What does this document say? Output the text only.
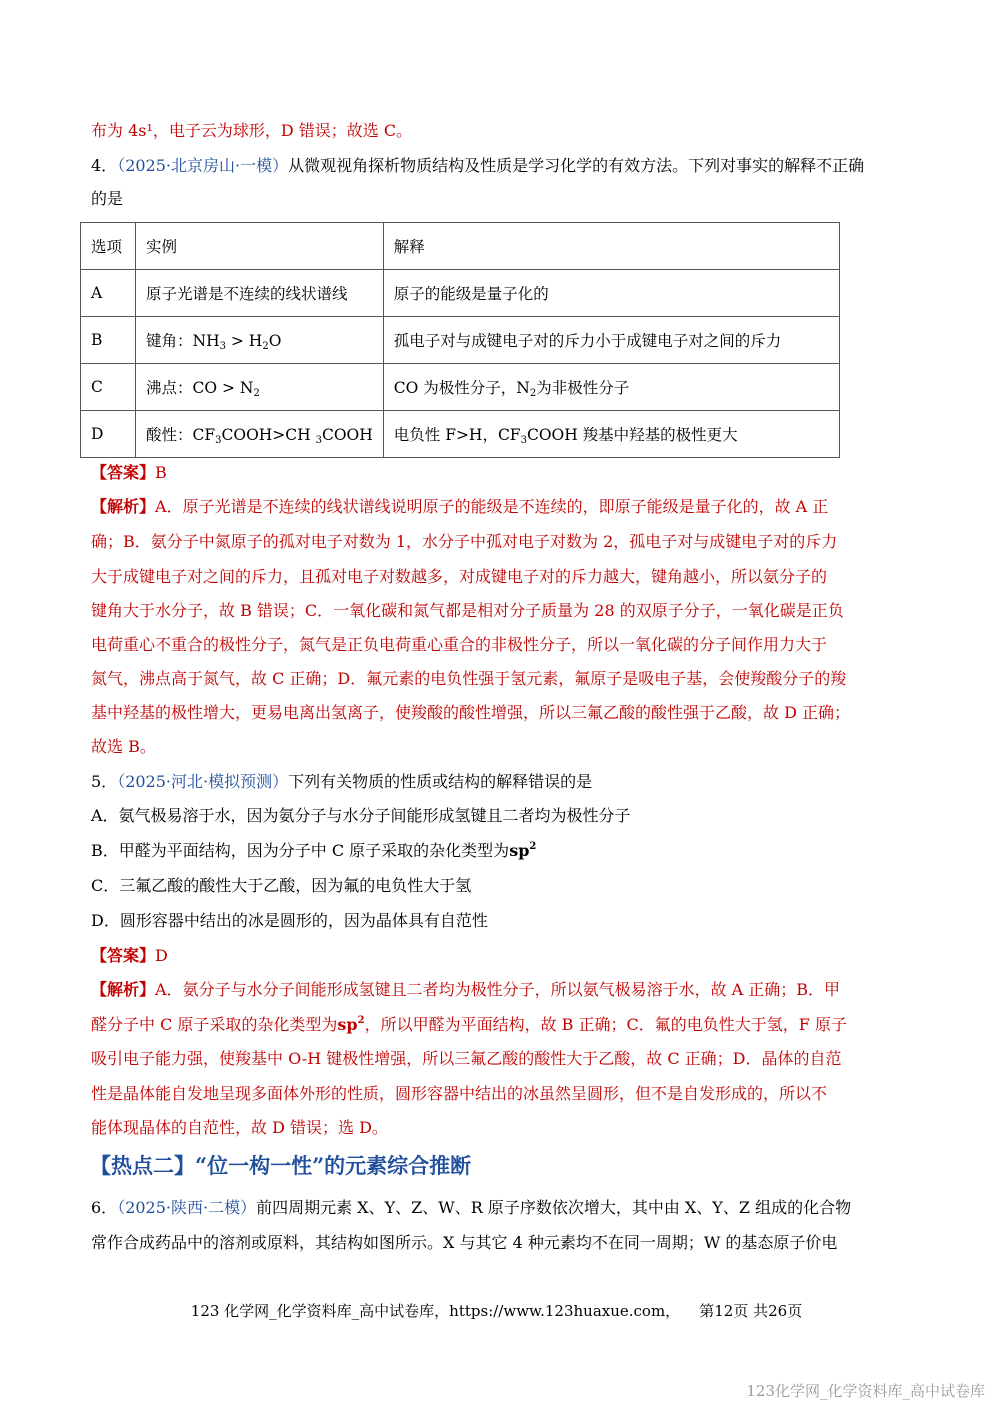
布为 4s¹，电子云为球形，D 错误；故选 C。
4．（2025·北京房山·一模）从微观视角探析物质结构及性质是学习化学的有效方法。下列对事实的解释不正确
的是
选项	实例	解释
A	原子光谱是不连续的线状谱线	原子的能级是量子化的
B	键角：$NH_3 > H_2O$	孤电子对与成键电子对的斥力小于成键电子对之间的斥力
C	沸点：CO > $N_2$	CO 为极性分子，$N_2$为非极性分子
D	酸性：$CF_3COOH>CH$ $_3$COOH	电负性 F>H，$CF_3COOH$ 羧基中羟基的极性更大
【答案】B
【解析】A．原子光谱是不连续的线状谱线说明原子的能级是不连续的，即原子能级是量子化的，故 A 正
确；B．氨分子中氮原子的孤对电子对数为 1，水分子中孤对电子对数为 2，孤电子对与成键电子对的斥力
大于成键电子对之间的斥力，且孤对电子对数越多，对成键电子对的斥力越大，键角越小，所以氨分子的
键角大于水分子，故 B 错误；C．一氧化碳和氮气都是相对分子质量为 28 的双原子分子，一氧化碳是正负
电荷重心不重合的极性分子，氮气是正负电荷重心重合的非极性分子，所以一氧化碳的分子间作用力大于
氮气，沸点高于氮气，故 C 正确；D．氟元素的电负性强于氢元素，氟原子是吸电子基，会使羧酸分子的羧
基中羟基的极性增大，更易电离出氢离子，使羧酸的酸性增强，所以三氟乙酸的酸性强于乙酸，故 D 正确；
故选 B。
5．（2025·河北·模拟预测）下列有关物质的性质或结构的解释错误的是
A．氨气极易溶于水，因为氨分子与水分子间能形成氢键且二者均为极性分子
B．甲醛为平面结构，因为分子中 C 原子采取的杂化类型为$sp^2$
C．三氟乙酸的酸性大于乙酸，因为氟的电负性大于氢
D．圆形容器中结出的冰是圆形的，因为晶体具有自范性
【答案】D
【解析】A．氨分子与水分子间能形成氢键且二者均为极性分子，所以氨气极易溶于水，故 A 正确；B．甲
醛分子中 C 原子采取的杂化类型为$sp^2$，所以甲醛为平面结构，故 B 正确；C．氟的电负性大于氢，F 原子
吸引电子能力强，使羧基中 O-H 键极性增强，所以三氟乙酸的酸性大于乙酸，故 C 正确；D．晶体的自范
性是晶体能自发地呈现多面体外形的性质，圆形容器中结出的冰虽然呈圆形，但不是自发形成的，所以不
能体现晶体的自范性，故 D 错误；选 D。
【热点二】“位一构一性”的元素综合推断
6．（2025·陕西·二模）前四周期元素 X、Y、Z、W、R 原子序数依次增大，其中由 X、Y、Z 组成的化合物
常作合成药品中的溶剂或原料，其结构如图所示。X 与其它 4 种元素均不在同一周期；W 的基态原子价电
123 化学网_化学资料库_高中试卷库，https://www.123huaxue.com， 第12页 共26页
123化学网_化学资料库_高中试卷库
